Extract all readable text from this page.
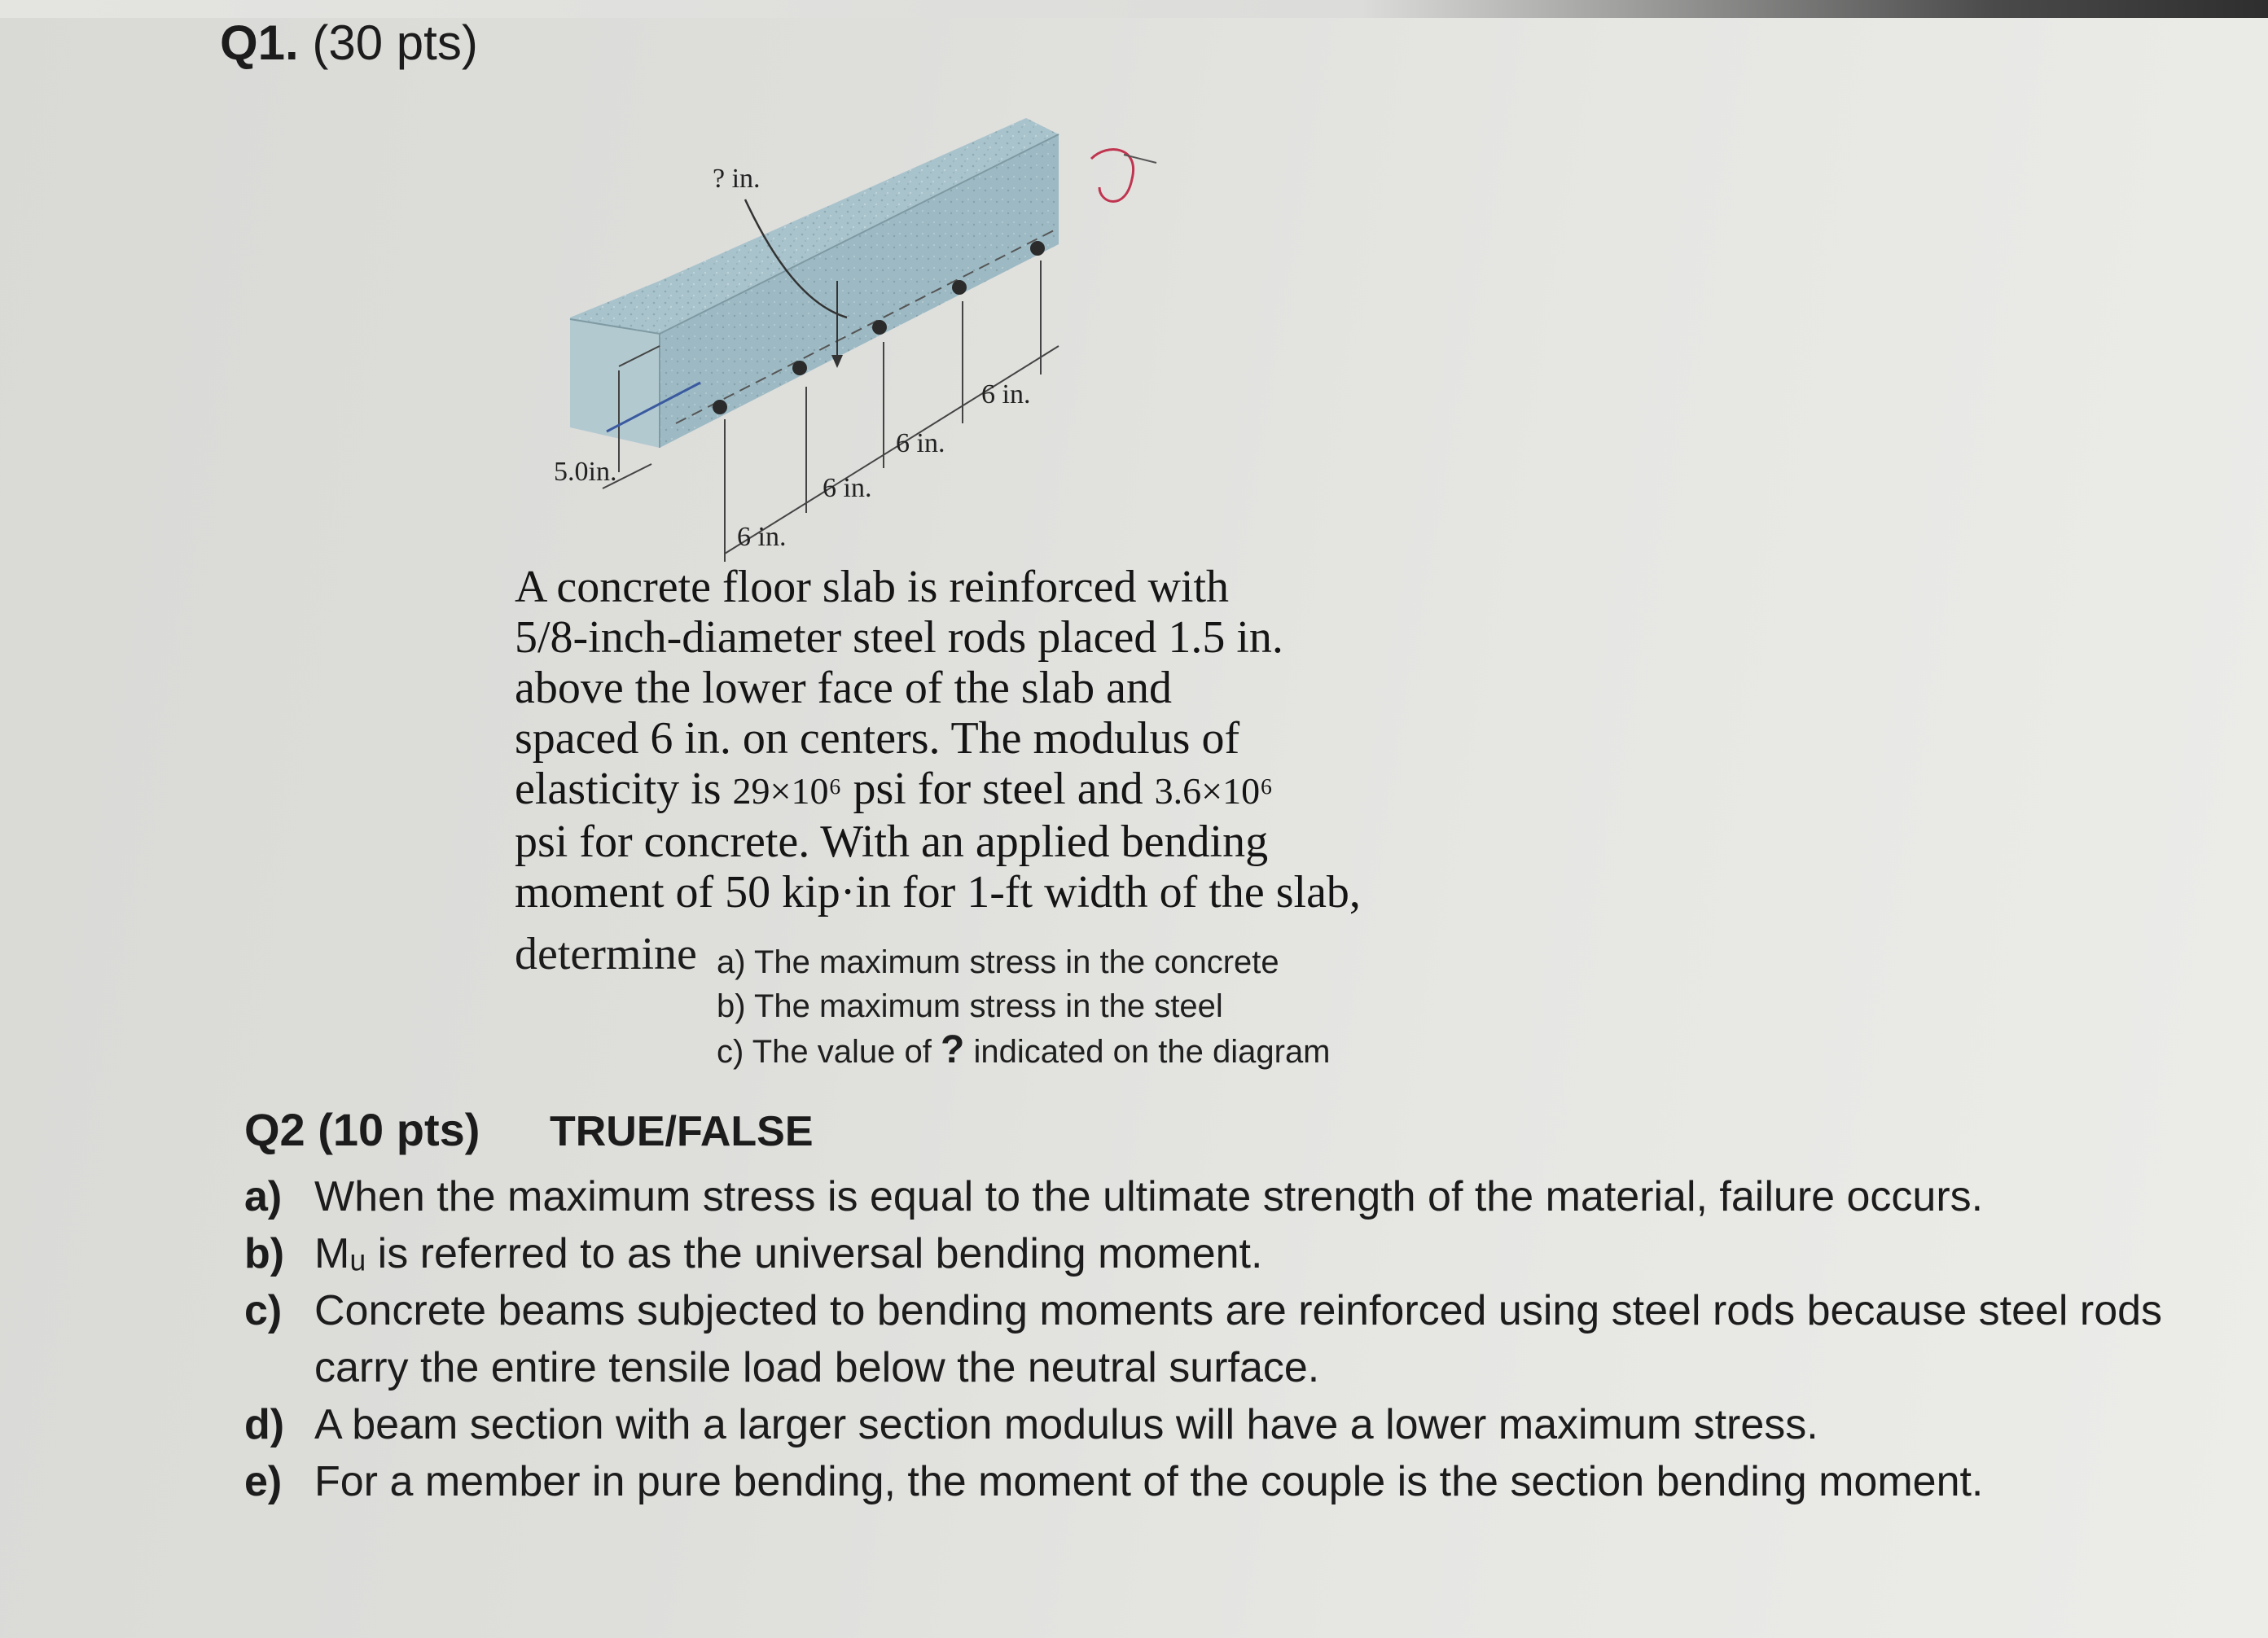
Q1. (30 pts)
? in.
5.0in.
6 in.
6 in.
6 in.
6 in.

A concrete floor slab is reinforced with

5/8-inch-diameter steel rods placed 1.5 in.

above the lower face of the slab and

spaced 6 in. on centers. The modulus of

elasticity is 29×10⁶ psi for steel and 3.6×10⁶

psi for concrete. With an applied bending

moment of 50 kip·in for 1-ft width of the slab,

determine a) The maximum stress in the concrete
b) The maximum stress in the steel
c) The value of ? indicated on the diagram
Q2 (10 pts) TRUE/FALSE
a) When the maximum stress is equal to the ultimate strength of the material, failure occurs.
b) Mᵤ is referred to as the universal bending moment.
c) Concrete beams subjected to bending moments are reinforced using steel rods because steel rods carry the entire tensile load below the neutral surface.
d) A beam section with a larger section modulus will have a lower maximum stress.
e) For a member in pure bending, the moment of the couple is the section bending moment.
